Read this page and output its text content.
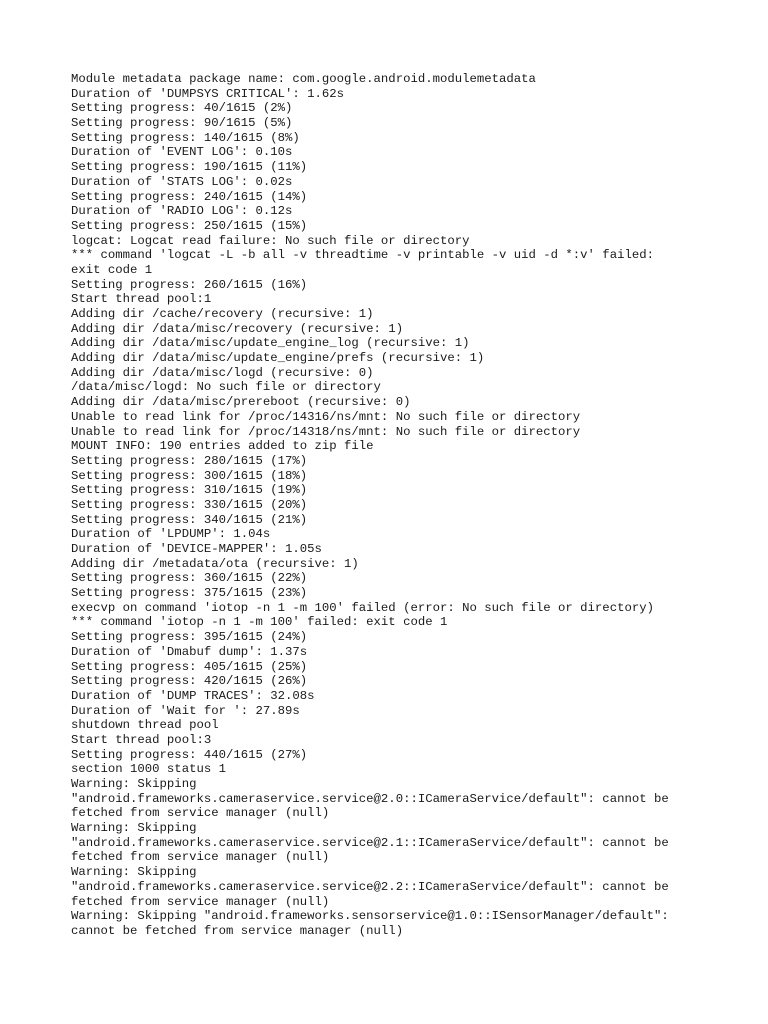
Module metadata package name: com.google.android.modulemetadata
Duration of 'DUMPSYS CRITICAL': 1.62s
Setting progress: 40/1615 (2%)
Setting progress: 90/1615 (5%)
Setting progress: 140/1615 (8%)
Duration of 'EVENT LOG': 0.10s
Setting progress: 190/1615 (11%)
Duration of 'STATS LOG': 0.02s
Setting progress: 240/1615 (14%)
Duration of 'RADIO LOG': 0.12s
Setting progress: 250/1615 (15%)
logcat: Logcat read failure: No such file or directory
*** command 'logcat -L -b all -v threadtime -v printable -v uid -d *:v' failed:
exit code 1
Setting progress: 260/1615 (16%)
Start thread pool:1
Adding dir /cache/recovery (recursive: 1)
Adding dir /data/misc/recovery (recursive: 1)
Adding dir /data/misc/update_engine_log (recursive: 1)
Adding dir /data/misc/update_engine/prefs (recursive: 1)
Adding dir /data/misc/logd (recursive: 0)
/data/misc/logd: No such file or directory
Adding dir /data/misc/prereboot (recursive: 0)
Unable to read link for /proc/14316/ns/mnt: No such file or directory
Unable to read link for /proc/14318/ns/mnt: No such file or directory
MOUNT INFO: 190 entries added to zip file
Setting progress: 280/1615 (17%)
Setting progress: 300/1615 (18%)
Setting progress: 310/1615 (19%)
Setting progress: 330/1615 (20%)
Setting progress: 340/1615 (21%)
Duration of 'LPDUMP': 1.04s
Duration of 'DEVICE-MAPPER': 1.05s
Adding dir /metadata/ota (recursive: 1)
Setting progress: 360/1615 (22%)
Setting progress: 375/1615 (23%)
execvp on command 'iotop -n 1 -m 100' failed (error: No such file or directory)
*** command 'iotop -n 1 -m 100' failed: exit code 1
Setting progress: 395/1615 (24%)
Duration of 'Dmabuf dump': 1.37s
Setting progress: 405/1615 (25%)
Setting progress: 420/1615 (26%)
Duration of 'DUMP TRACES': 32.08s
Duration of 'Wait for ': 27.89s
shutdown thread pool
Start thread pool:3
Setting progress: 440/1615 (27%)
section 1000 status 1
Warning: Skipping
"android.frameworks.cameraservice.service@2.0::ICameraService/default": cannot be
fetched from service manager (null)
Warning: Skipping
"android.frameworks.cameraservice.service@2.1::ICameraService/default": cannot be
fetched from service manager (null)
Warning: Skipping
"android.frameworks.cameraservice.service@2.2::ICameraService/default": cannot be
fetched from service manager (null)
Warning: Skipping "android.frameworks.sensorservice@1.0::ISensorManager/default":
cannot be fetched from service manager (null)
